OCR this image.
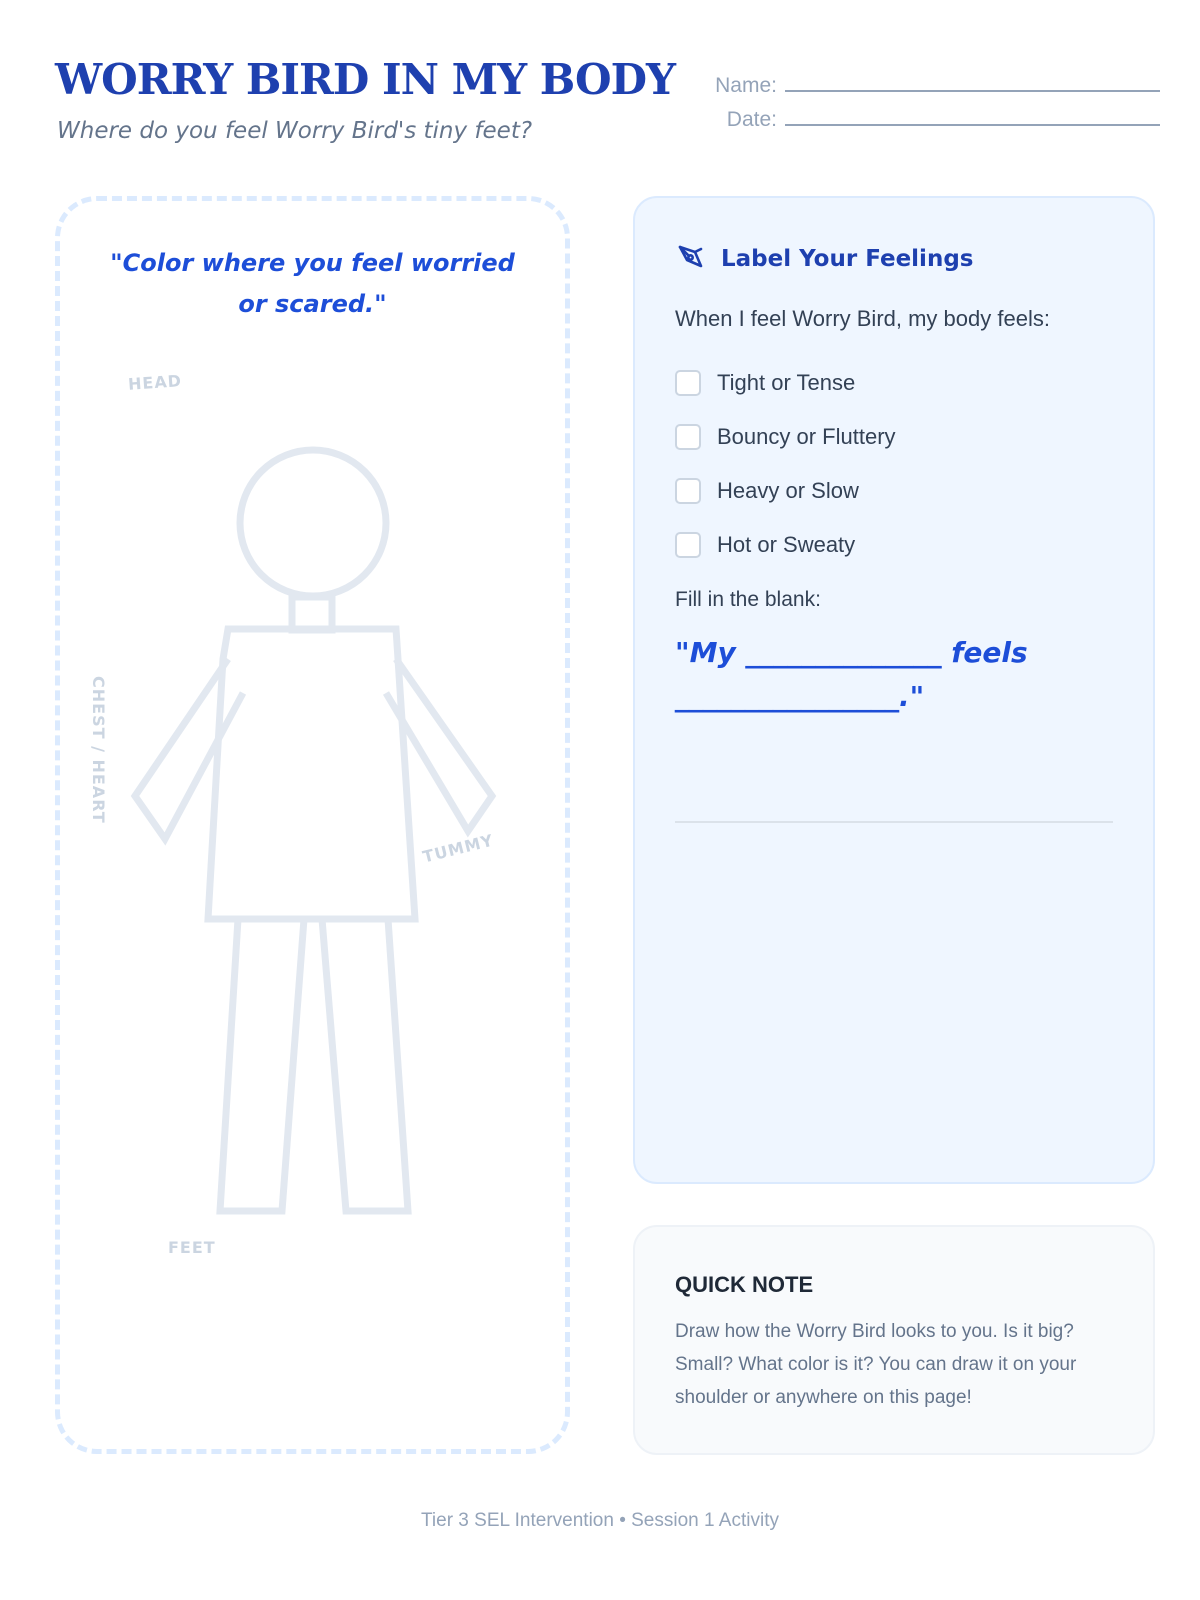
WORRY BIRD IN MY BODY
Where do you feel Worry Bird's tiny feet?
Name:
Date:
"Color where you feel worried or scared."
HEAD
CHEST / HEART
TUMMY
FEET
Label Your Feelings
When I feel Worry Bird, my body feels:
Tight or Tense
Bouncy or Fluttery
Heavy or Slow
Hot or Sweaty
Fill in the blank:
"My ______________ feels ________________."
QUICK NOTE
Draw how the Worry Bird looks to you. Is it big? Small? What color is it? You can draw it on your shoulder or anywhere on this page!
Tier 3 SEL Intervention • Session 1 Activity
